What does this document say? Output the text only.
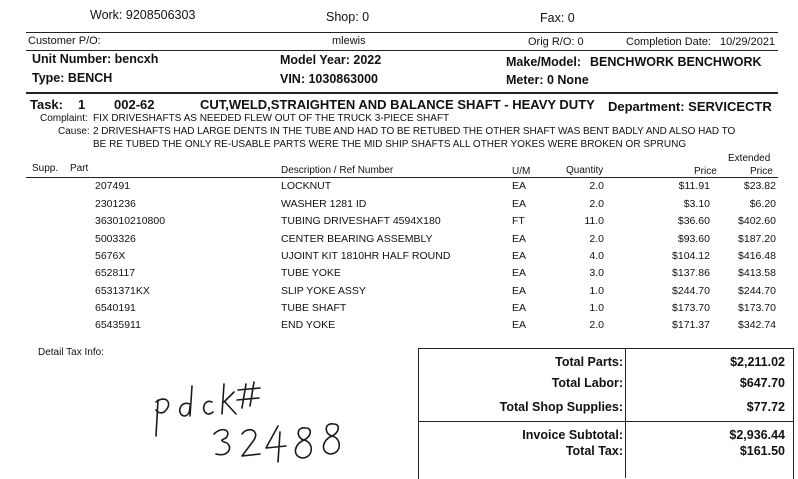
Work: 9208506303	Shop: 0	Fax: 0
Customer P/O:	mlewis	Orig R/O: 0	Completion Date: 10/29/2021
Unit Number: bencxh	Model Year: 2022	Make/Model: BENCHWORK BENCHWORK
Type: BENCH	VIN: 1030863000	Meter: 0 None
Task: 1 002-62	CUT,WELD,STRAIGHTEN AND BALANCE SHAFT - HEAVY DUTY Department: SERVICECTR
Complaint: FIX DRIVESHAFTS AS NEEDED FLEW OUT OF THE TRUCK 3-PIECE SHAFT
Cause: 2 DRIVESHAFTS HAD LARGE DENTS IN THE TUBE AND HAD TO BE RETUBED THE OTHER SHAFT WAS BENT BADLY AND ALSO HAD TO
BE RE TUBED THE ONLY RE-USABLE PARTS WERE THE MID SHIP SHAFTS ALL OTHER YOKES WERE BROKEN OR SPRUNG
Supp. Part	Description / Ref Number	U/M	Quantity	Price
Extended
Price
207491	LOCKNUT	EA	2.0	$11.91	$23.82
2301236	WASHER 1281 ID	EA	2.0	$3.10	$6.20
363010210800	TUBING DRIVESHAFT 4594X180	FT	11.0	$36.60	$402.60
5003326	CENTER BEARING ASSEMBLY	EA	2.0	$93.60	$187.20
5676X	UJOINT KIT 1810HR HALF ROUND	EA	4.0	$104.12	$416.48
6528117	TUBE YOKE	EA	3.0	$137.86	$413.58
6531371KX	SLIP YOKE ASSY	EA	1.0	$244.70	$244.70
6540191	TUBE SHAFT	EA	1.0	$173.70	$173.70
65435911	END YOKE	EA	2.0	$171.37	$342.74
Detail Tax Info:
Total Parts:	$2,211.02
Total Labor:	$647.70
Total Shop Supplies:	$77.72
Invoice Subtotal:	$2,936.44
Total Tax:	$161.50
